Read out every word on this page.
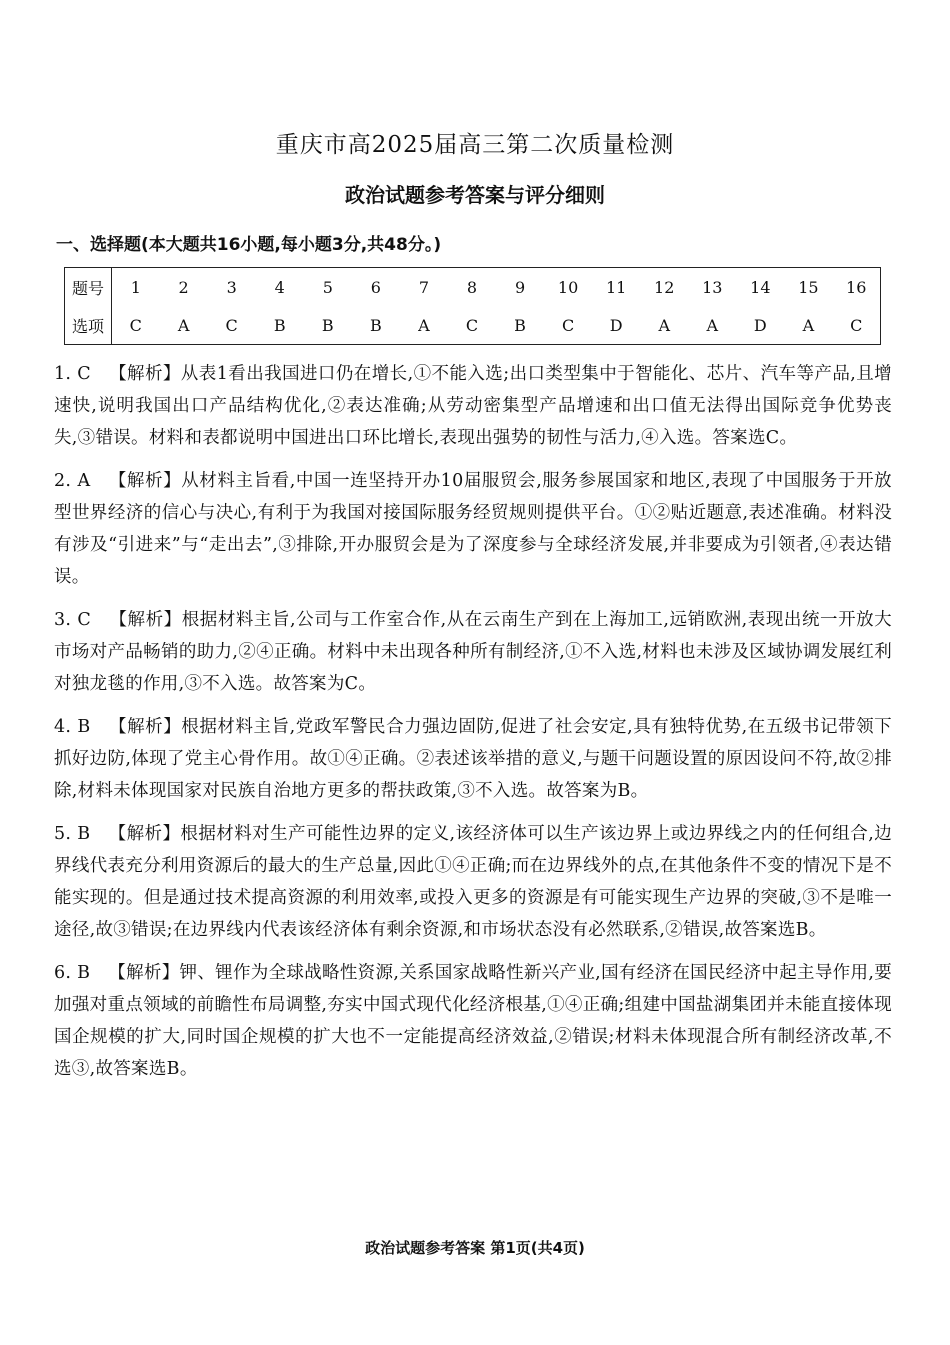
重庆市高2025届高三第二次质量检测
政治试题参考答案与评分细则
一、选择题(本大题共16小题,每小题3分,共48分。)
题号	1	2	3	4	5	6	7	8	9	10	11	12	13	14	15	16
选项	C	A	C	B	B	B	A	C	B	C	D	A	A	D	A	C
1. C 【解析】从表1看出我国进口仍在增长,①不能入选;出口类型集中于智能化、芯片、汽车等产品,且增速快,说明我国出口产品结构优化,②表达准确;从劳动密集型产品增速和出口值无法得出国际竞争优势丧失,③错误。材料和表都说明中国进出口环比增长,表现出强势的韧性与活力,④入选。答案选C。
2. A 【解析】从材料主旨看,中国一连坚持开办10届服贸会,服务参展国家和地区,表现了中国服务于开放型世界经济的信心与决心,有利于为我国对接国际服务经贸规则提供平台。①②贴近题意,表述准确。材料没有涉及“引进来”与“走出去”,③排除,开办服贸会是为了深度参与全球经济发展,并非要成为引领者,④表达错误。
3. C 【解析】根据材料主旨,公司与工作室合作,从在云南生产到在上海加工,远销欧洲,表现出统一开放大市场对产品畅销的助力,②④正确。材料中未出现各种所有制经济,①不入选,材料也未涉及区域协调发展红利对独龙毯的作用,③不入选。故答案为C。
4. B 【解析】根据材料主旨,党政军警民合力强边固防,促进了社会安定,具有独特优势,在五级书记带领下抓好边防,体现了党主心骨作用。故①④正确。②表述该举措的意义,与题干问题设置的原因设问不符,故②排除,材料未体现国家对民族自治地方更多的帮扶政策,③不入选。故答案为B。
5. B 【解析】根据材料对生产可能性边界的定义,该经济体可以生产该边界上或边界线之内的任何组合,边界线代表充分利用资源后的最大的生产总量,因此①④正确;而在边界线外的点,在其他条件不变的情况下是不能实现的。但是通过技术提高资源的利用效率,或投入更多的资源是有可能实现生产边界的突破,③不是唯一途径,故③错误;在边界线内代表该经济体有剩余资源,和市场状态没有必然联系,②错误,故答案选B。
6. B 【解析】钾、锂作为全球战略性资源,关系国家战略性新兴产业,国有经济在国民经济中起主导作用,要加强对重点领域的前瞻性布局调整,夯实中国式现代化经济根基,①④正确;组建中国盐湖集团并未能直接体现国企规模的扩大,同时国企规模的扩大也不一定能提高经济效益,②错误;材料未体现混合所有制经济改革,不选③,故答案选B。
政治试题参考答案 第1页(共4页)
